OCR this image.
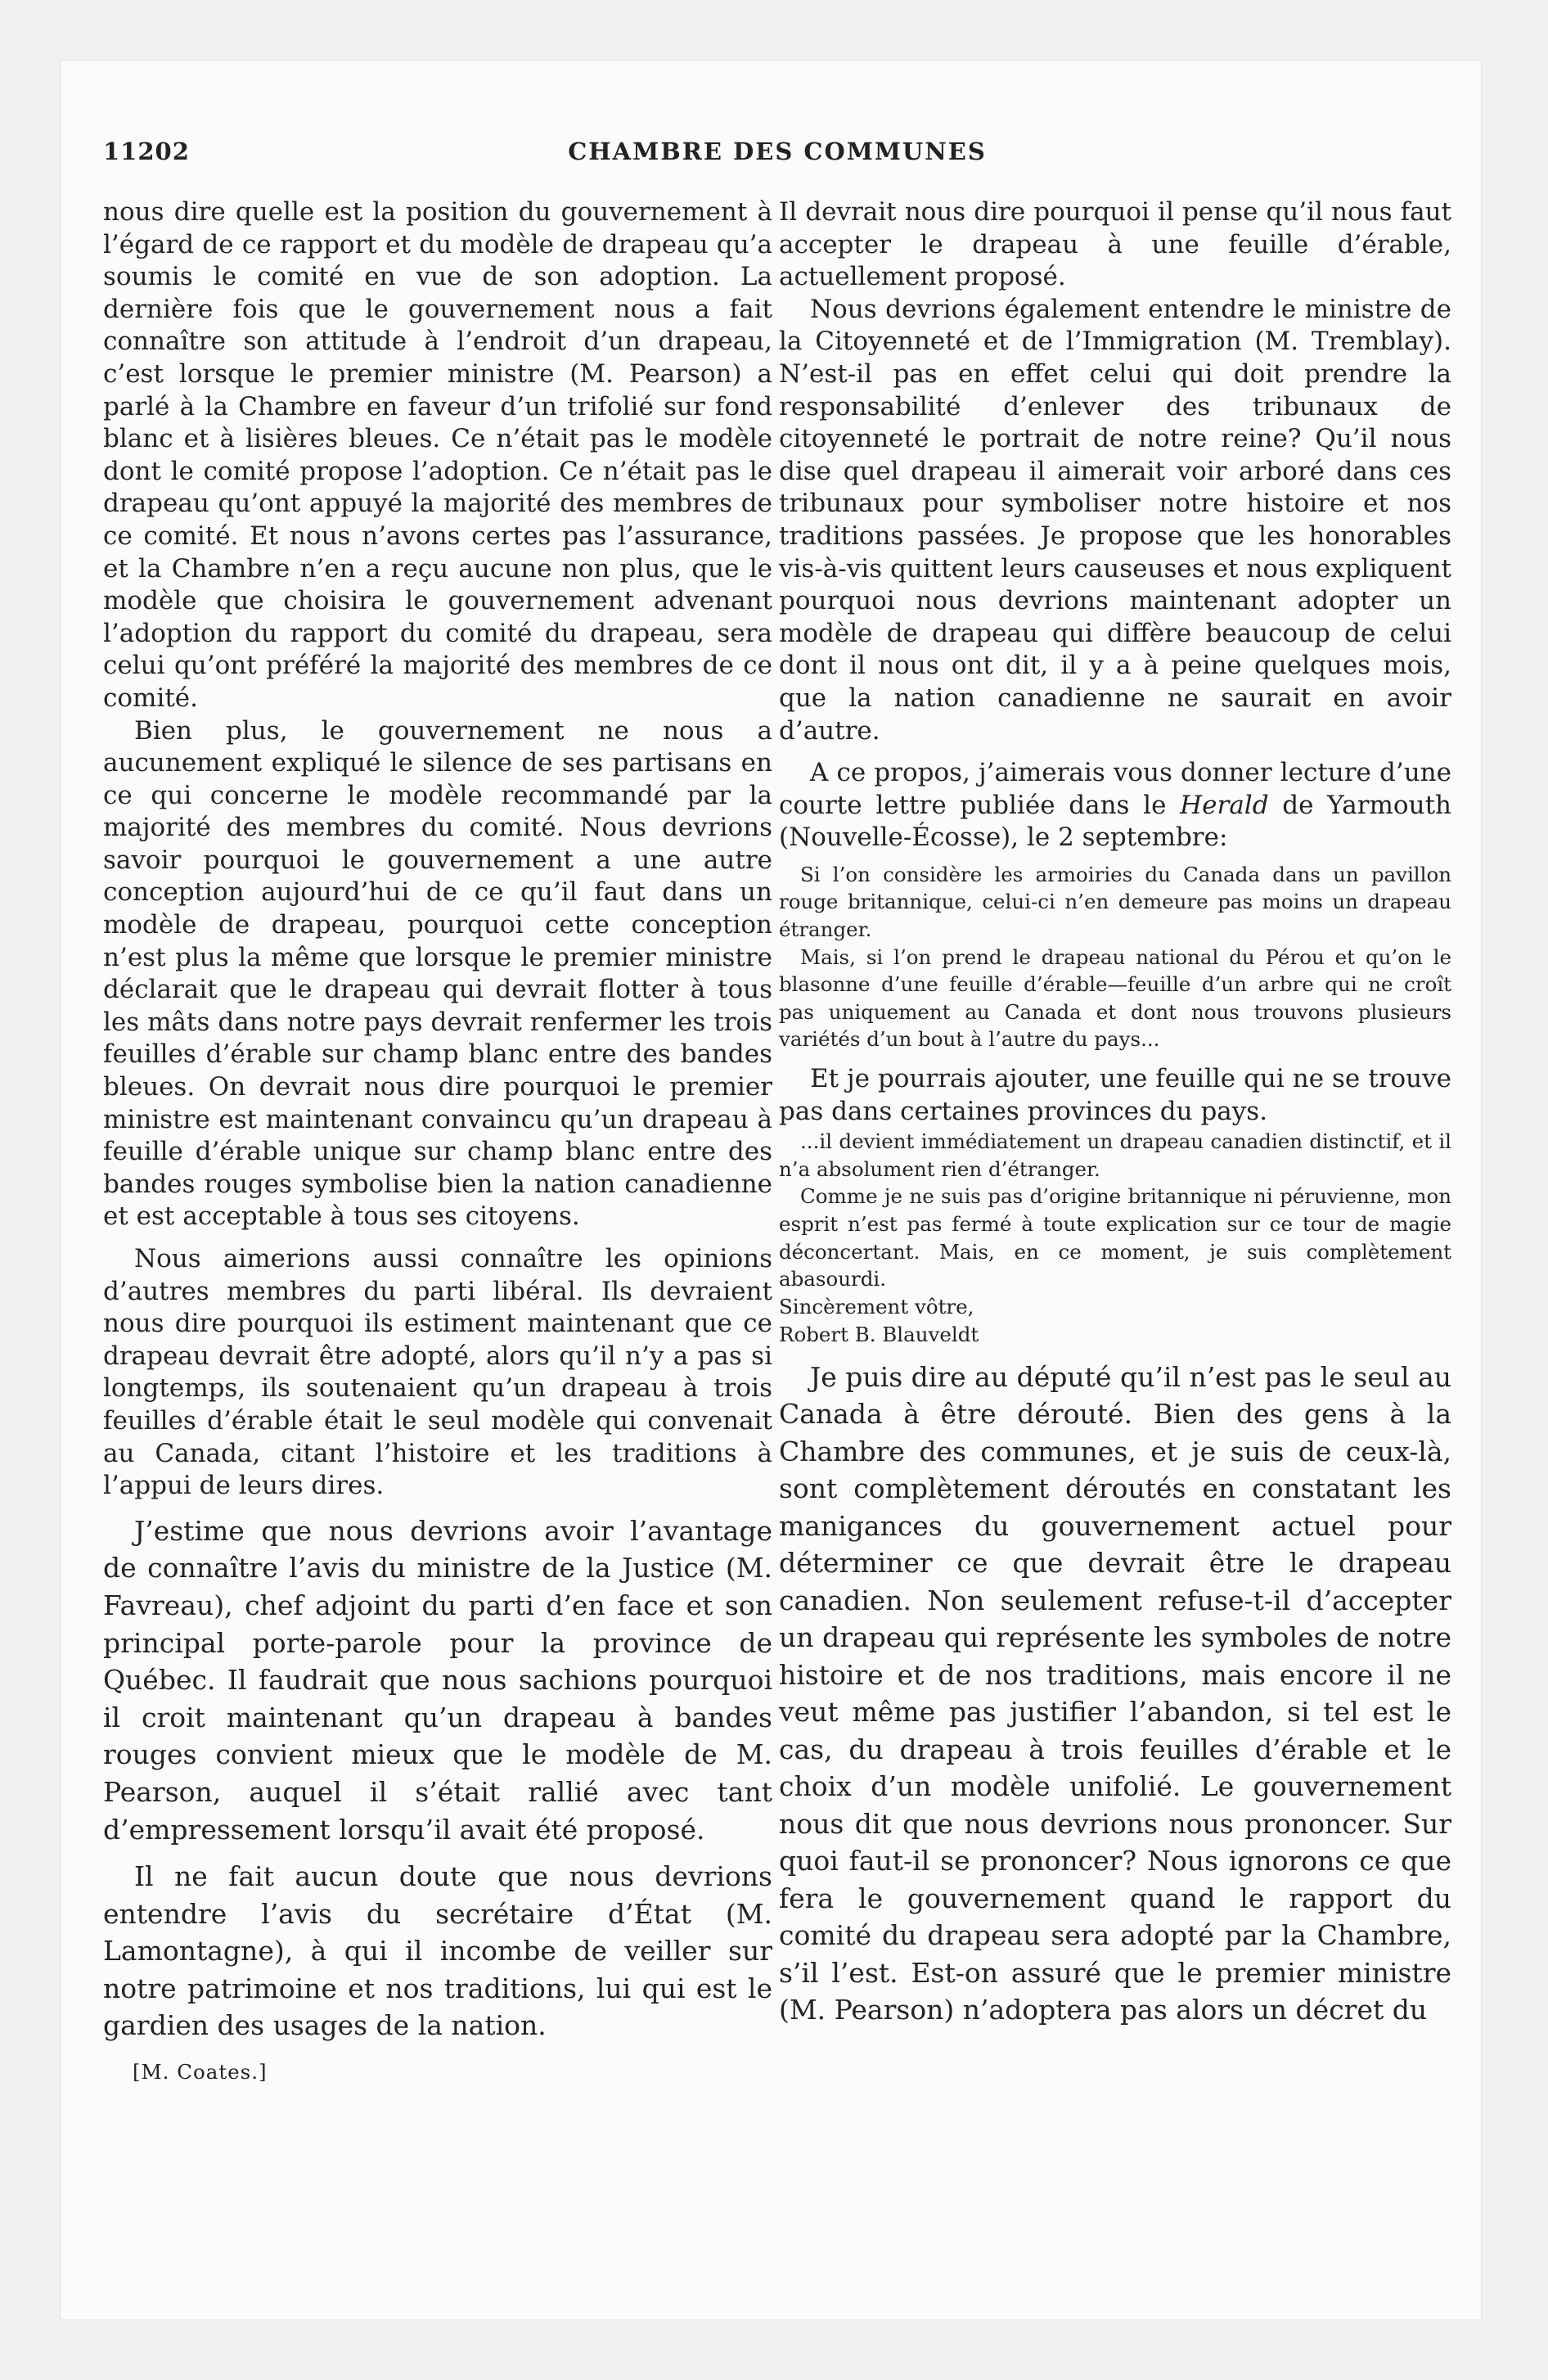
11202	CHAMBRE DES COMMUNES

nous dire quelle est la position du gouvernement à l’égard de ce rapport et du modèle de drapeau qu’a soumis le comité en vue de son adoption. La dernière fois que le gouvernement nous a fait connaître son attitude à l’endroit d’un drapeau, c’est lorsque le premier ministre (M. Pearson) a parlé à la Chambre en faveur d’un trifolié sur fond blanc et à lisières bleues. Ce n’était pas le modèle dont le comité propose l’adoption. Ce n’était pas le drapeau qu’ont appuyé la majorité des membres de ce comité. Et nous n’avons certes pas l’assurance, et la Chambre n’en a reçu aucune non plus, que le modèle que choisira le gouvernement advenant l’adoption du rapport du comité du drapeau, sera celui qu’ont préféré la majorité des membres de ce comité.

Bien plus, le gouvernement ne nous a aucunement expliqué le silence de ses partisans en ce qui concerne le modèle recommandé par la majorité des membres du comité. Nous devrions savoir pourquoi le gouvernement a une autre conception aujourd’hui de ce qu’il faut dans un modèle de drapeau, pourquoi cette conception n’est plus la même que lorsque le premier ministre déclarait que le drapeau qui devrait flotter à tous les mâts dans notre pays devrait renfermer les trois feuilles d’érable sur champ blanc entre des bandes bleues. On devrait nous dire pourquoi le premier ministre est maintenant convaincu qu’un drapeau à feuille d’érable unique sur champ blanc entre des bandes rouges symbolise bien la nation canadienne et est acceptable à tous ses citoyens.

Nous aimerions aussi connaître les opinions d’autres membres du parti libéral. Ils devraient nous dire pourquoi ils estiment maintenant que ce drapeau devrait être adopté, alors qu’il n’y a pas si longtemps, ils soutenaient qu’un drapeau à trois feuilles d’érable était le seul modèle qui convenait au Canada, citant l’histoire et les traditions à l’appui de leurs dires.

J’estime que nous devrions avoir l’avantage de connaître l’avis du ministre de la Justice (M. Favreau), chef adjoint du parti d’en face et son principal porte-parole pour la province de Québec. Il faudrait que nous sachions pourquoi il croit maintenant qu’un drapeau à bandes rouges convient mieux que le modèle de M. Pearson, auquel il s’était rallié avec tant d’empressement lorsqu’il avait été proposé.

Il ne fait aucun doute que nous devrions entendre l’avis du secrétaire d’État (M. Lamontagne), à qui il incombe de veiller sur notre patrimoine et nos traditions, lui qui est le gardien des usages de la nation.

[M. Coates.]

Il devrait nous dire pourquoi il pense qu’il nous faut accepter le drapeau à une feuille d’érable, actuellement proposé.

Nous devrions également entendre le ministre de la Citoyenneté et de l’Immigration (M. Tremblay). N’est-il pas en effet celui qui doit prendre la responsabilité d’enlever des tribunaux de citoyenneté le portrait de notre reine? Qu’il nous dise quel drapeau il aimerait voir arboré dans ces tribunaux pour symboliser notre histoire et nos traditions passées. Je propose que les honorables vis-à-vis quittent leurs causeuses et nous expliquent pourquoi nous devrions maintenant adopter un modèle de drapeau qui diffère beaucoup de celui dont il nous ont dit, il y a à peine quelques mois, que la nation canadienne ne saurait en avoir d’autre.

A ce propos, j’aimerais vous donner lecture d’une courte lettre publiée dans le Herald de Yarmouth (Nouvelle-Écosse), le 2 septembre:

Si l’on considère les armoiries du Canada dans un pavillon rouge britannique, celui-ci n’en demeure pas moins un drapeau étranger.

Mais, si l’on prend le drapeau national du Pérou et qu’on le blasonne d’une feuille d’érable—feuille d’un arbre qui ne croît pas uniquement au Canada et dont nous trouvons plusieurs variétés d’un bout à l’autre du pays...

Et je pourrais ajouter, une feuille qui ne se trouve pas dans certaines provinces du pays.

...il devient immédiatement un drapeau canadien distinctif, et il n’a absolument rien d’étranger.

Comme je ne suis pas d’origine britannique ni péruvienne, mon esprit n’est pas fermé à toute explication sur ce tour de magie déconcertant. Mais, en ce moment, je suis complètement abasourdi.

Sincèrement vôtre,

Robert B. Blauveldt

Je puis dire au député qu’il n’est pas le seul au Canada à être dérouté. Bien des gens à la Chambre des communes, et je suis de ceux-là, sont complètement déroutés en constatant les manigances du gouvernement actuel pour déterminer ce que devrait être le drapeau canadien. Non seulement refuse-t-il d’accepter un drapeau qui représente les symboles de notre histoire et de nos traditions, mais encore il ne veut même pas justifier l’abandon, si tel est le cas, du drapeau à trois feuilles d’érable et le choix d’un modèle unifolié. Le gouvernement nous dit que nous devrions nous prononcer. Sur quoi faut-il se prononcer? Nous ignorons ce que fera le gouvernement quand le rapport du comité du drapeau sera adopté par la Chambre, s’il l’est. Est-on assuré que le premier ministre (M. Pearson) n’adoptera pas alors un décret du
